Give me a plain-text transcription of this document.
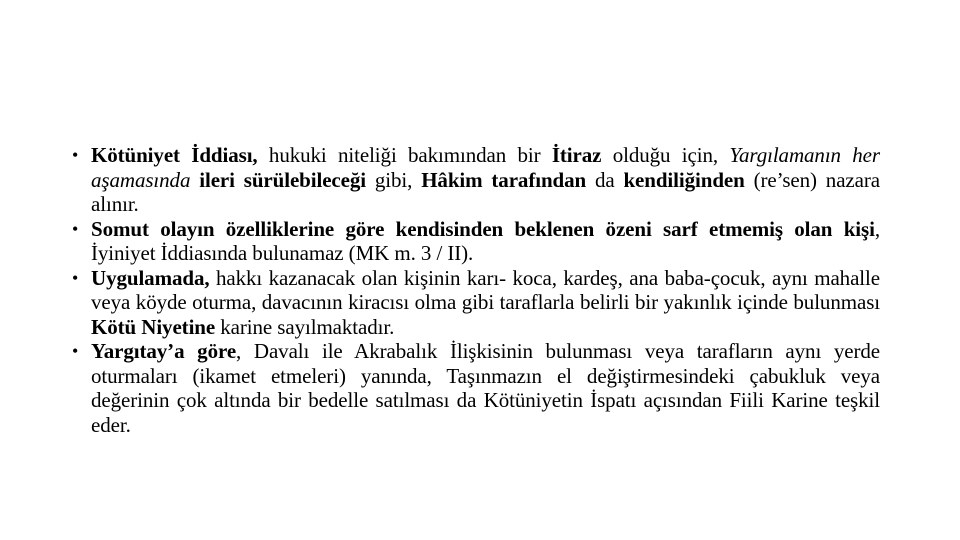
• Kötüniyet İddiası, hukuki niteliği bakımından bir İtiraz olduğu için, Yargılamanın her aşamasında ileri sürülebileceği gibi, Hâkim tarafından da kendiliğinden (re’sen) nazara alınır.
• Somut olayın özelliklerine göre kendisinden beklenen özeni sarf etmemiş olan kişi, İyiniyet İddiasında bulunamaz (MK m. 3 / II).
• Uygulamada, hakkı kazanacak olan kişinin karı- koca, kardeş, ana baba-çocuk, aynı mahalle veya köyde oturma, davacının kiracısı olma gibi taraflarla belirli bir yakınlık içinde bulunması Kötü Niyetine karine sayılmaktadır.
• Yargıtay’a göre, Davalı ile Akrabalık İlişkisinin bulunması veya tarafların aynı yerde oturmaları (ikamet etmeleri) yanında, Taşınmazın el değiştirmesindeki çabukluk veya değerinin çok altında bir bedelle satılması da Kötüniyetin İspatı açısından Fiili Karine teşkil eder.
